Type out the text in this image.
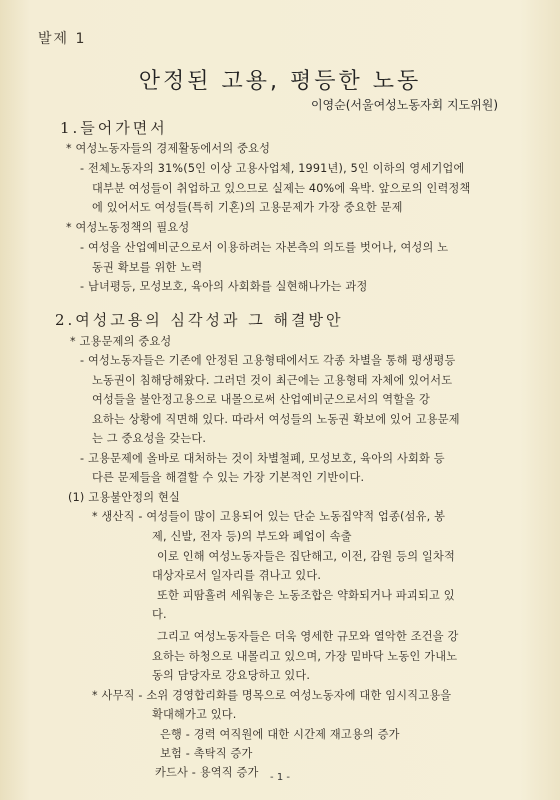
발제 1
안정된 고용, 평등한 노동
이영순(서울여성노동자회 지도위원)
1.들어가면서
* 여성노동자들의 경제활동에서의 중요성
- 전체노동자의 31%(5인 이상 고용사업체, 1991년), 5인 이하의 영세기업에
대부분 여성들이 취업하고 있으므로 실제는 40%에 육박. 앞으로의 인력정책
에 있어서도 여성들(특히 기혼)의 고용문제가 가장 중요한 문제
* 여성노동정책의 필요성
- 여성을 산업예비군으로서 이용하려는 자본측의 의도를 벗어나, 여성의 노
동권 확보를 위한 노력
- 남녀평등, 모성보호, 육아의 사회화를 실현해나가는 과정
2.여성고용의 심각성과 그 해결방안
* 고용문제의 중요성
- 여성노동자들은 기존에 안정된 고용형태에서도 각종 차별을 통해 평생평등
노동권이 침해당해왔다. 그러던 것이 최근에는 고용형태 자체에 있어서도
여성들을 불안정고용으로 내몰으로써 산업예비군으로서의 역할을 강
요하는 상황에 직면해 있다. 따라서 여성들의 노동권 확보에 있어 고용문제
는 그 중요성을 갖는다.
- 고용문제에 올바로 대처하는 것이 차별철폐, 모성보호, 육아의 사회화 등
다른 문제들을 해결할 수 있는 가장 기본적인 기반이다.
(1) 고용불안정의 현실
* 생산직 - 여성들이 많이 고용되어 있는 단순 노동집약적 업종(섬유, 봉
제, 신발, 전자 등)의 부도와 폐업이 속출
이로 인해 여성노동자들은 집단해고, 이전, 감원 등의 일차적
대상자로서 일자리를 겪나고 있다.
또한 피땀흘려 세워놓은 노동조합은 약화되거나 파괴되고 있
다.
그리고 여성노동자들은 더욱 영세한 규모와 열악한 조건을 강
요하는 하청으로 내몰리고 있으며, 가장 밑바닥 노동인 가내노
동의 담당자로 강요당하고 있다.
* 사무직 - 소위 경영합리화를 명목으로 여성노동자에 대한 임시직고용을
확대해가고 있다.
은행 - 경력 여직원에 대한 시간제 재고용의 증가
보험 - 촉탁직 증가
카드사 - 용역직 증가	- 1 -
